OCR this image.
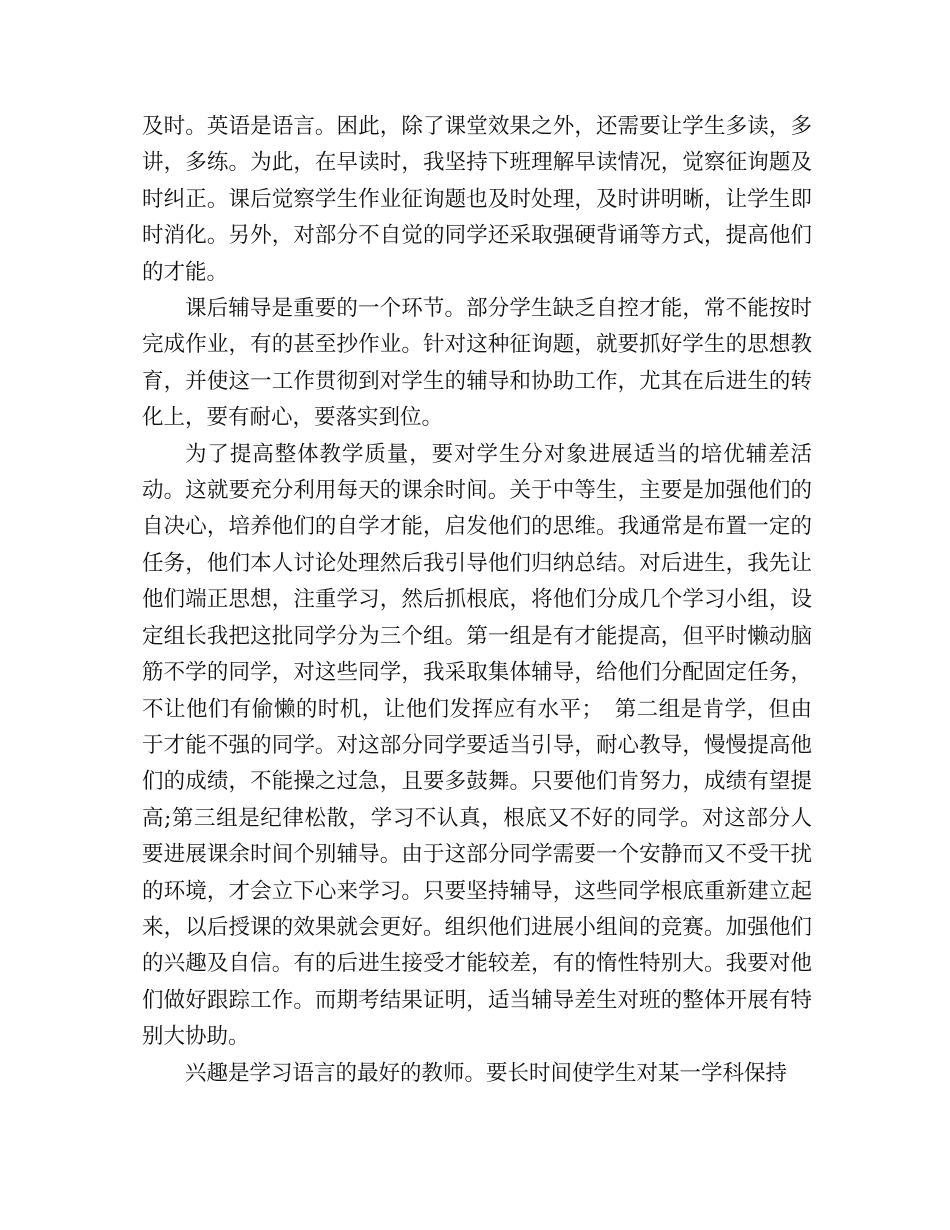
及时。英语是语言。困此，除了课堂效果之外，还需要让学生多读，多讲，多练。为此，在早读时，我坚持下班理解早读情况，觉察征询题及时纠正。课后觉察学生作业征询题也及时处理，及时讲明晰，让学生即时消化。另外，对部分不自觉的同学还采取强硬背诵等方式，提高他们的才能。

课后辅导是重要的一个环节。部分学生缺乏自控才能，常不能按时完成作业，有的甚至抄作业。针对这种征询题，就要抓好学生的思想教育，并使这一工作贯彻到对学生的辅导和协助工作，尤其在后进生的转化上，要有耐心，要落实到位。

为了提高整体教学质量，要对学生分对象进展适当的培优辅差活动。这就要充分利用每天的课余时间。关于中等生，主要是加强他们的自决心，培养他们的自学才能，启发他们的思维。我通常是布置一定的任务，他们本人讨论处理然后我引导他们归纳总结。对后进生，我先让他们端正思想，注重学习，然后抓根底，将他们分成几个学习小组，设定组长我把这批同学分为三个组。第一组是有才能提高，但平时懒动脑筋不学的同学，对这些同学，我采取集体辅导，给他们分配固定任务，不让他们有偷懒的时机，让他们发挥应有水平；　第二组是肯学，但由于才能不强的同学。对这部分同学要适当引导，耐心教导，慢慢提高他们的成绩，不能操之过急，且要多鼓舞。只要他们肯努力，成绩有望提高;第三组是纪律松散，学习不认真，根底又不好的同学。对这部分人要进展课余时间个别辅导。由于这部分同学需要一个安静而又不受干扰的环境，才会立下心来学习。只要坚持辅导，这些同学根底重新建立起来，以后授课的效果就会更好。组织他们进展小组间的竞赛。加强他们的兴趣及自信。有的后进生接受才能较差，有的惰性特别大。我要对他们做好跟踪工作。而期考结果证明，适当辅导差生对班的整体开展有特别大协助。

兴趣是学习语言的最好的教师。要长时间使学生对某一学科保持
